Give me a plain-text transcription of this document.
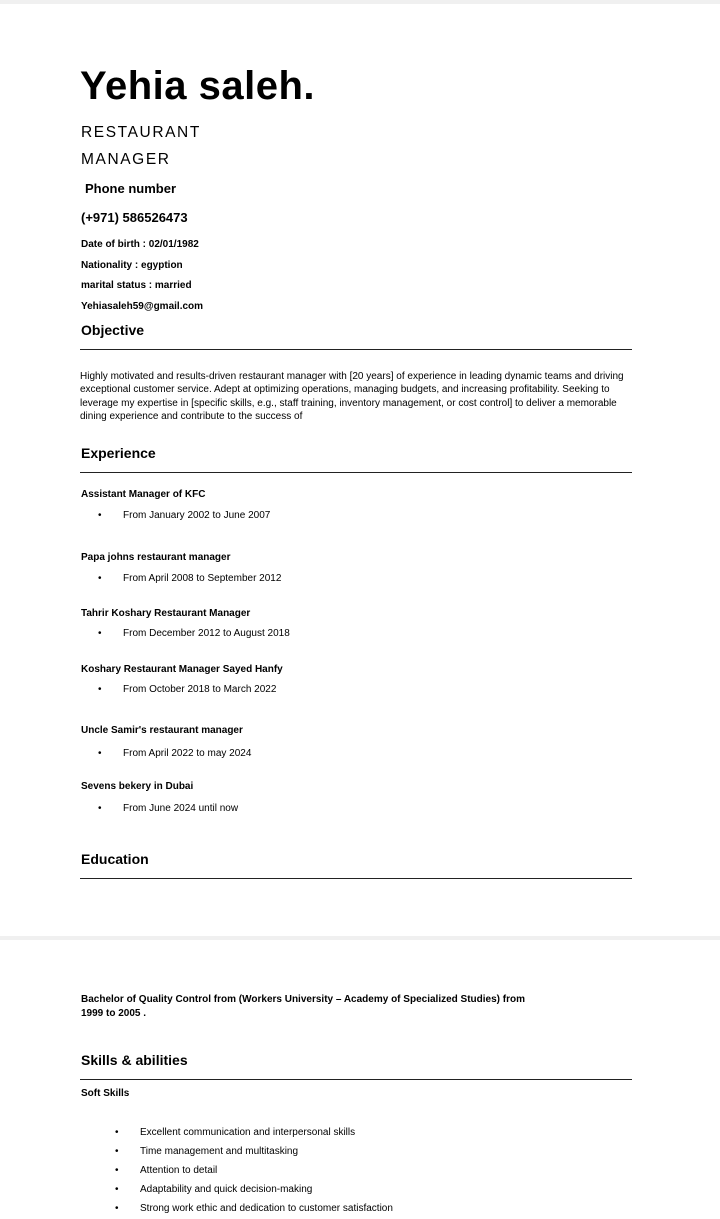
Yehia saleh.
RESTAURANT
MANAGER
Phone number
(+971) 586526473
Date of birth : 02/01/1982
Nationality : egyption
marital status : married
Yehiasaleh59@gmail.com
Objective

Highly motivated and results-driven restaurant manager with [20 years] of experience in leading dynamic teams and driving exceptional customer service. Adept at optimizing operations, managing budgets, and increasing profitability. Seeking to leverage my expertise in [specific skills, e.g., staff training, inventory management, or cost control] to deliver a memorable dining experience and contribute to the success of

Experience
Assistant Manager of KFC
• From January 2002 to June 2007
Papa johns restaurant manager
• From April 2008 to September 2012
Tahrir Koshary Restaurant Manager
• From December 2012 to August 2018
Koshary Restaurant Manager Sayed Hanfy
• From October 2018 to March 2022
Uncle Samir's restaurant manager
• From April 2022 to may 2024
Sevens bekery in Dubai
• From June 2024 until now
Education
Bachelor of Quality Control from (Workers University – Academy of Specialized Studies) from
1999 to 2005 .
Skills & abilities
Soft Skills
• Excellent communication and interpersonal skills
• Time management and multitasking
• Attention to detail
• Adaptability and quick decision-making
• Strong work ethic and dedication to customer satisfaction
